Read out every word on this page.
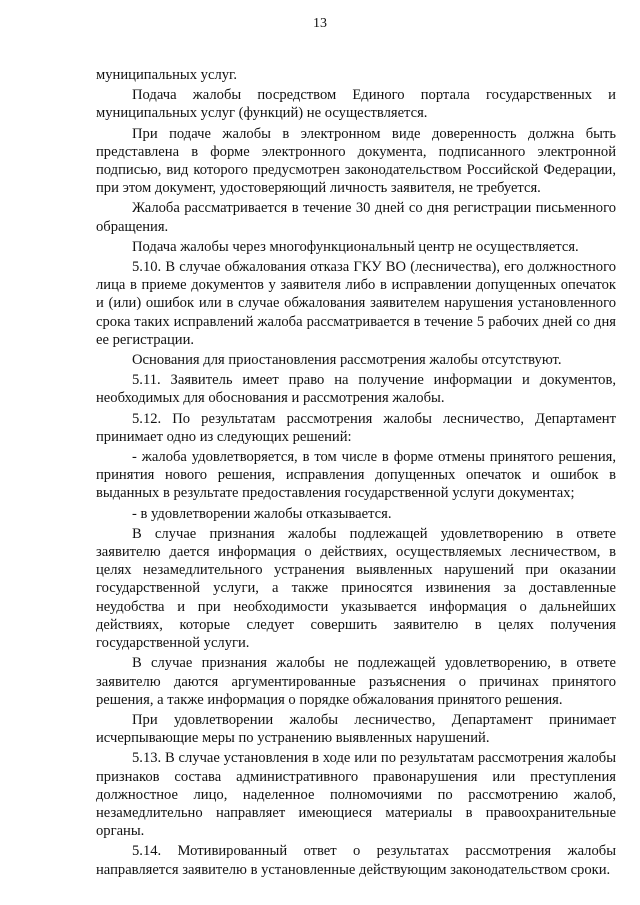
13

муниципальных услуг.

Подача жалобы посредством Единого портала государственных и муниципальных услуг (функций) не осуществляется.

При подаче жалобы в электронном виде доверенность должна быть представлена в форме электронного документа, подписанного электронной подписью, вид которого предусмотрен законодательством Российской Федерации, при этом документ, удостоверяющий личность заявителя, не требуется.

Жалоба рассматривается в течение 30 дней со дня регистрации письменного обращения.

Подача жалобы через многофункциональный центр не осуществляется.

5.10. В случае обжалования отказа ГКУ ВО (лесничества), его должностного лица в приеме документов у заявителя либо в исправлении допущенных опечаток и (или) ошибок или в случае обжалования заявителем нарушения установленного срока таких исправлений жалоба рассматривается в течение 5 рабочих дней со дня ее регистрации.

Основания для приостановления рассмотрения жалобы отсутствуют.

5.11. Заявитель имеет право на получение информации и документов, необходимых для обоснования и рассмотрения жалобы.

5.12. По результатам рассмотрения жалобы лесничество, Департамент принимает одно из следующих решений:

- жалоба удовлетворяется, в том числе в форме отмены принятого решения, принятия нового решения, исправления допущенных опечаток и ошибок в выданных в результате предоставления государственной услуги документах;

- в удовлетворении жалобы отказывается.

В случае признания жалобы подлежащей удовлетворению в ответе заявителю дается информация о действиях, осуществляемых лесничеством, в целях незамедлительного устранения выявленных нарушений при оказании государственной услуги, а также приносятся извинения за доставленные неудобства и при необходимости указывается информация о дальнейших действиях, которые следует совершить заявителю в целях получения государственной услуги.

В случае признания жалобы не подлежащей удовлетворению, в ответе заявителю даются аргументированные разъяснения о причинах принятого решения, а также информация о порядке обжалования принятого решения.

При удовлетворении жалобы лесничество, Департамент принимает исчерпывающие меры по устранению выявленных нарушений.

5.13. В случае установления в ходе или по результатам рассмотрения жалобы признаков состава административного правонарушения или преступления должностное лицо, наделенное полномочиями по рассмотрению жалоб, незамедлительно направляет имеющиеся материалы в правоохранительные органы.

5.14. Мотивированный ответ о результатах рассмотрения жалобы направляется заявителю в установленные действующим законодательством сроки.
